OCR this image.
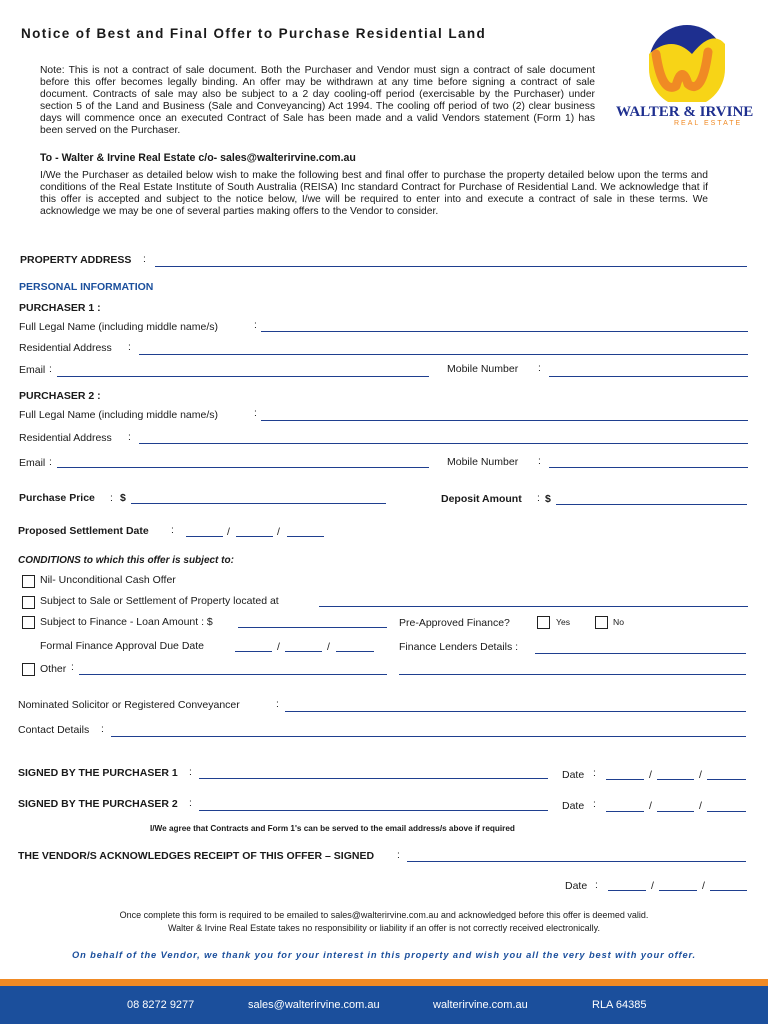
Notice of Best and Final Offer to Purchase Residential Land
WALTER & IRVINE
REAL ESTATE
Note: This is not a contract of sale document. Both the Purchaser and Vendor must sign a contract of sale document before this offer becomes legally binding. An offer may be withdrawn at any time before signing a contract of sale document. Contracts of sale may also be subject to a 2 day cooling-off period (exercisable by the Purchaser) under section 5 of the Land and Business (Sale and Conveyancing) Act 1994. The cooling off period of two (2) clear business days will commence once an executed Contract of Sale has been made and a valid Vendors statement (Form 1) has been served on the Purchaser.
To - Walter & Irvine Real Estate c/o- sales@walterirvine.com.au
I/We the Purchaser as detailed below wish to make the following best and final offer to purchase the property detailed below upon the terms and conditions of the Real Estate Institute of South Australia (REISA) Inc standard Contract for Purchase of Residential Land. We acknowledge that if this offer is accepted and subject to the notice below, I/we will be required to enter into and execute a contract of sale in these terms. We acknowledge we may be one of several parties making offers to the Vendor to consider.
PROPERTY ADDRESS :
PERSONAL INFORMATION
PURCHASER 1 :
Full Legal Name (including middle name/s)	:
Residential Address :
Email :	Mobile Number :
PURCHASER 2 :
Full Legal Name (including middle name/s)	:
Residential Address :
Email :	Mobile Number :
Purchase Price : $	Deposit Amount : $
Proposed Settlement Date :	/	/
CONDITIONS to which this offer is subject to:
Nil- Unconditional Cash Offer
Subject to Sale or Settlement of Property located at
Subject to Finance - Loan Amount : $	Pre-Approved Finance?	Yes	No
Formal Finance Approval Due Date	/	/	Finance Lenders Details :
Other :
Nominated Solicitor or Registered Conveyancer	:
Contact Details :
SIGNED BY THE PURCHASER 1 :	Date :	/	/
SIGNED BY THE PURCHASER 2 :	Date :	/	/
I/We agree that Contracts and Form 1's can be served to the email address/s above if required
THE VENDOR/S ACKNOWLEDGES RECEIPT OF THIS OFFER – SIGNED :
Date :	/	/
Once complete this form is required to be emailed to sales@walterirvine.com.au and acknowledged before this offer is deemed valid.
Walter & Irvine Real Estate takes no responsibility or liability if an offer is not correctly received electronically.
On behalf of the Vendor, we thank you for your interest in this property and wish you all the very best with your offer.
08 8272 9277	sales@walterirvine.com.au	walterirvine.com.au	RLA 64385
